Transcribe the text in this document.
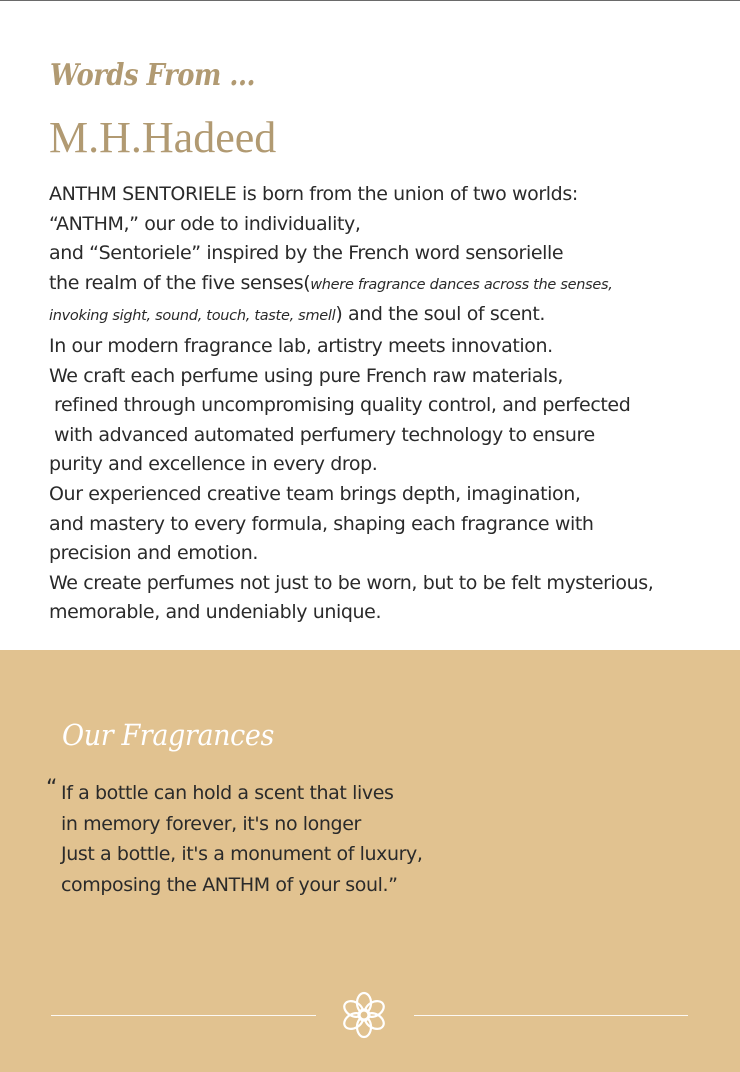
Words From ...
M.H.Hadeed
ANTHM SENTORIELE is born from the union of two worlds:
“ANTHM,” our ode to individuality,
and “Sentoriele” inspired by the French word sensorielle
the realm of the five senses(where fragrance dances across the senses,
invoking sight, sound, touch, taste, smell) and the soul of scent.
In our modern fragrance lab, artistry meets innovation.
We craft each perfume using pure French raw materials,
refined through uncompromising quality control, and perfected
with advanced automated perfumery technology to ensure
purity and excellence in every drop.
Our experienced creative team brings depth, imagination,
and mastery to every formula, shaping each fragrance with
precision and emotion.
We create perfumes not just to be worn, but to be felt mysterious,
memorable, and undeniably unique.
Our Fragrances
“ If a bottle can hold a scent that lives
in memory forever, it's no longer
Just a bottle, it's a monument of luxury,
composing the ANTHM of your soul.”
